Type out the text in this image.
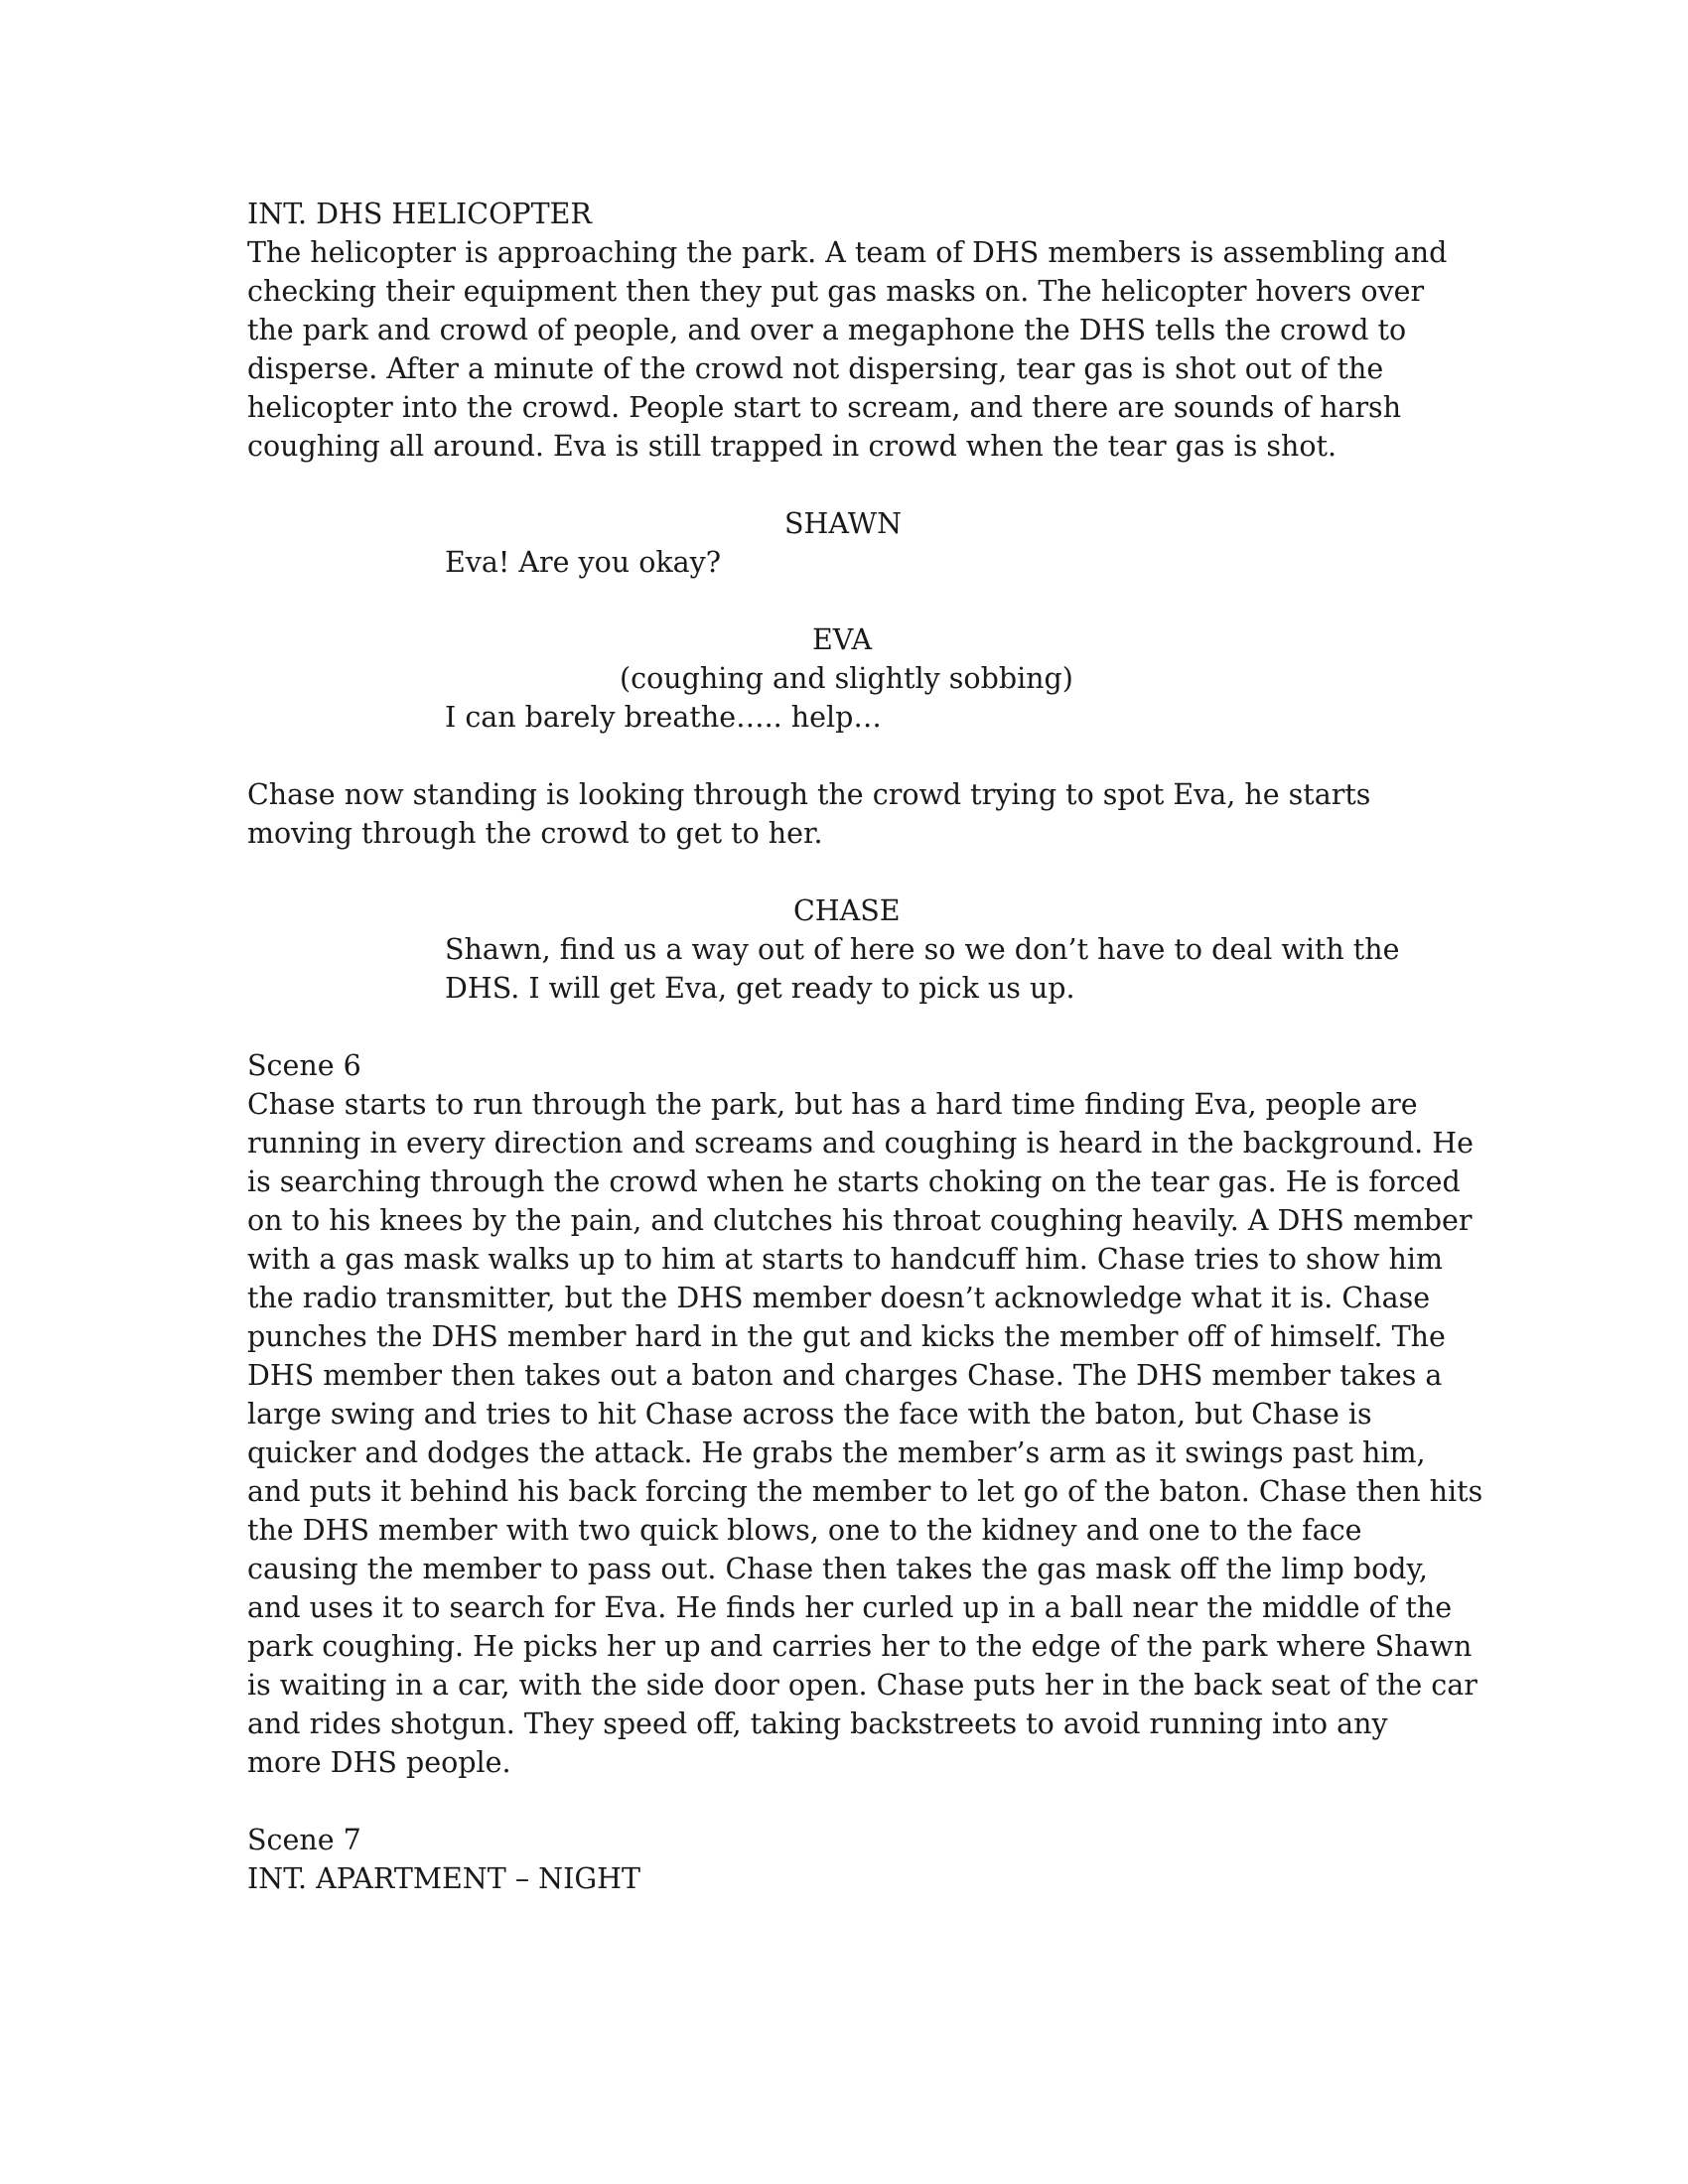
INT. DHS HELICOPTER
The helicopter is approaching the park. A team of DHS members is assembling and
checking their equipment then they put gas masks on. The helicopter hovers over
the park and crowd of people, and over a megaphone the DHS tells the crowd to
disperse. After a minute of the crowd not dispersing, tear gas is shot out of the
helicopter into the crowd. People start to scream, and there are sounds of harsh
coughing all around. Eva is still trapped in crowd when the tear gas is shot.
SHAWN
Eva! Are you okay?
EVA
(coughing and slightly sobbing)
I can barely breathe….. help…
Chase now standing is looking through the crowd trying to spot Eva, he starts
moving through the crowd to get to her.
CHASE
Shawn, find us a way out of here so we don’t have to deal with the
DHS. I will get Eva, get ready to pick us up.
Scene 6
Chase starts to run through the park, but has a hard time finding Eva, people are
running in every direction and screams and coughing is heard in the background. He
is searching through the crowd when he starts choking on the tear gas. He is forced
on to his knees by the pain, and clutches his throat coughing heavily. A DHS member
with a gas mask walks up to him at starts to handcuff him. Chase tries to show him
the radio transmitter, but the DHS member doesn’t acknowledge what it is. Chase
punches the DHS member hard in the gut and kicks the member off of himself. The
DHS member then takes out a baton and charges Chase. The DHS member takes a
large swing and tries to hit Chase across the face with the baton, but Chase is
quicker and dodges the attack. He grabs the member’s arm as it swings past him,
and puts it behind his back forcing the member to let go of the baton. Chase then hits
the DHS member with two quick blows, one to the kidney and one to the face
causing the member to pass out. Chase then takes the gas mask off the limp body,
and uses it to search for Eva. He finds her curled up in a ball near the middle of the
park coughing. He picks her up and carries her to the edge of the park where Shawn
is waiting in a car, with the side door open. Chase puts her in the back seat of the car
and rides shotgun. They speed off, taking backstreets to avoid running into any
more DHS people.
Scene 7
INT. APARTMENT – NIGHT
